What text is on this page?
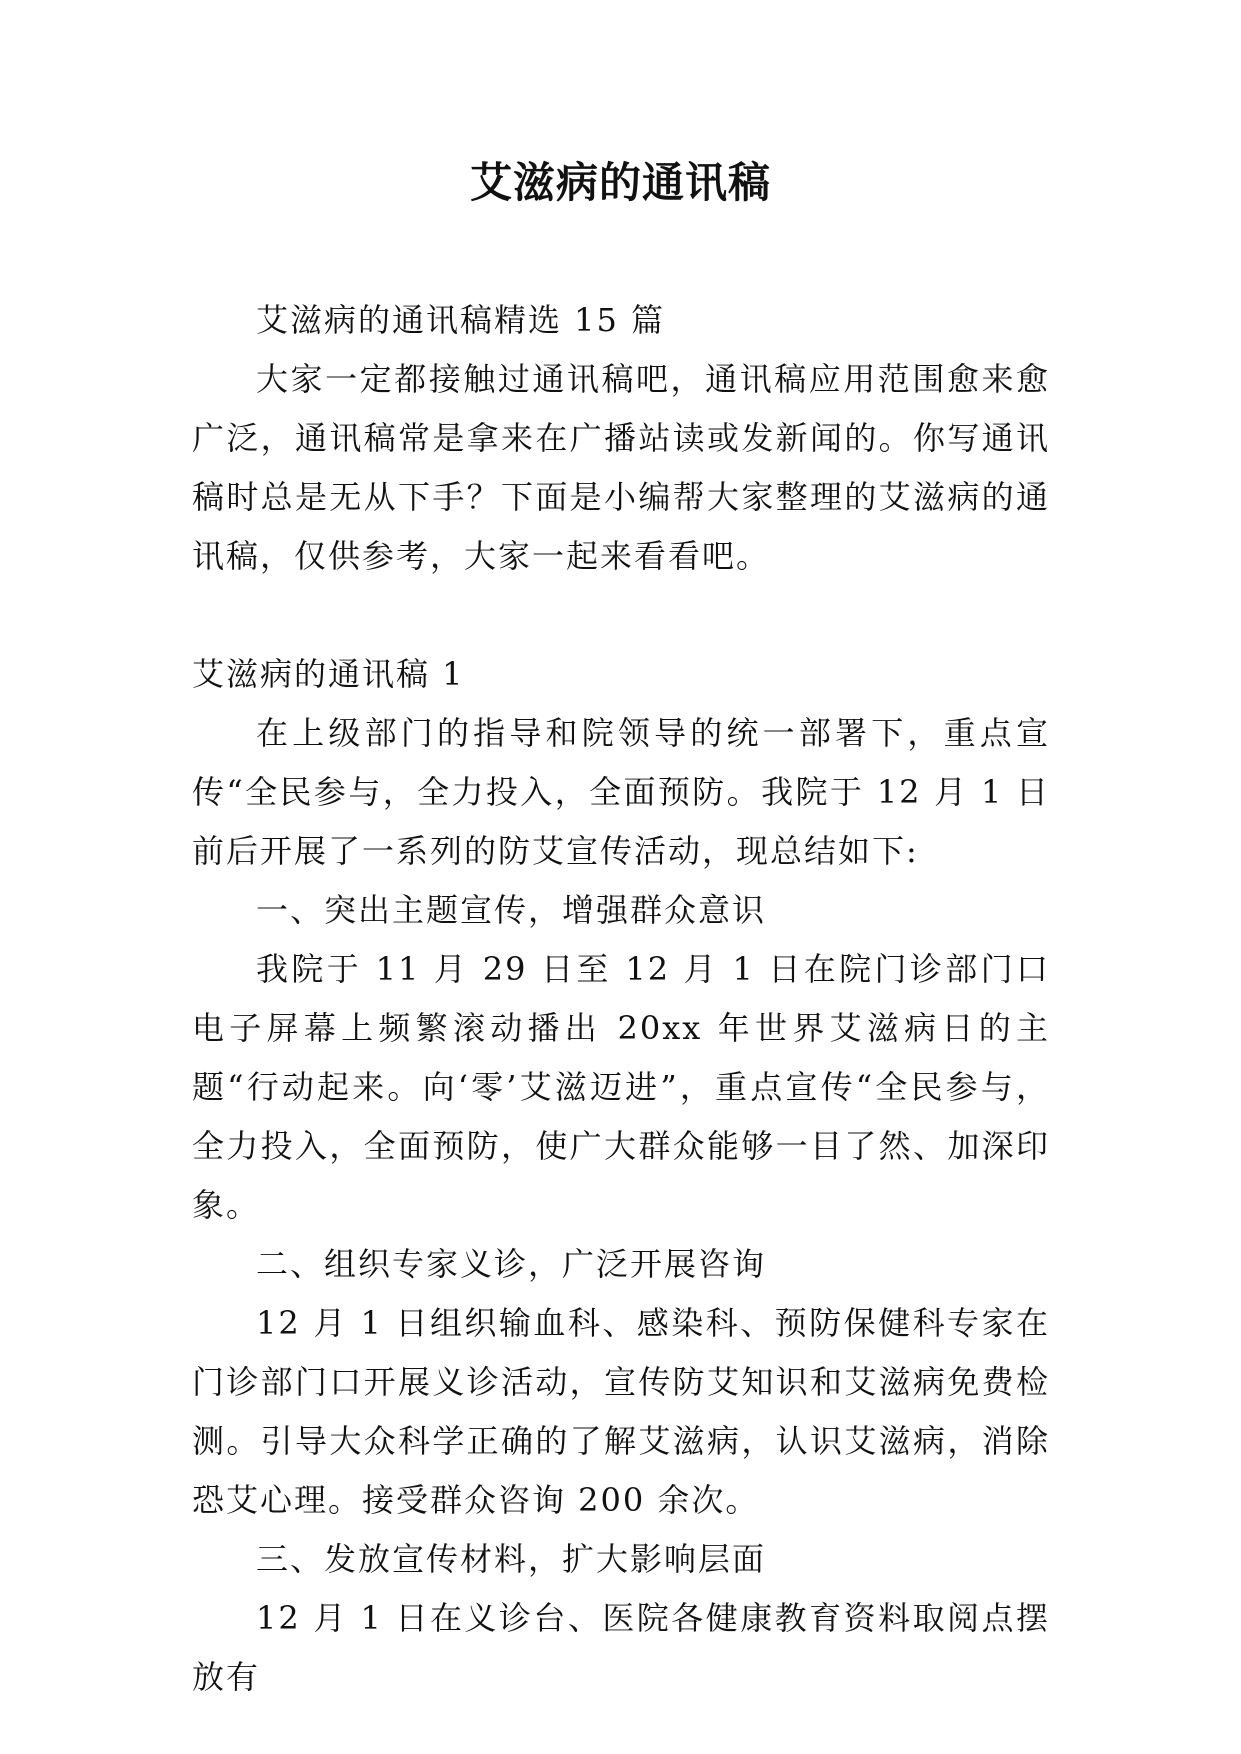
艾滋病的通讯稿

艾滋病的通讯稿精选 15 篇

大家一定都接触过通讯稿吧，通讯稿应用范围愈来愈广泛，通讯稿常是拿来在广播站读或发新闻的。你写通讯稿时总是无从下手？下面是小编帮大家整理的艾滋病的通讯稿，仅供参考，大家一起来看看吧。

艾滋病的通讯稿 1

在上级部门的指导和院领导的统一部署下，重点宣传“全民参与，全力投入，全面预防。我院于 12 月 1 日前后开展了一系列的防艾宣传活动，现总结如下:

一、突出主题宣传，增强群众意识

我院于 11 月 29 日至 12 月 1 日在院门诊部门口电子屏幕上频繁滚动播出 20xx 年世界艾滋病日的主题“行动起来。向‘零’艾滋迈进”，重点宣传“全民参与，全力投入，全面预防，使广大群众能够一目了然、加深印象。

二、组织专家义诊，广泛开展咨询

12 月 1 日组织输血科、感染科、预防保健科专家在门诊部门口开展义诊活动，宣传防艾知识和艾滋病免费检测。引导大众科学正确的了解艾滋病，认识艾滋病，消除恐艾心理。接受群众咨询 200 余次。

三、发放宣传材料，扩大影响层面

12 月 1 日在义诊台、医院各健康教育资料取阅点摆放有
